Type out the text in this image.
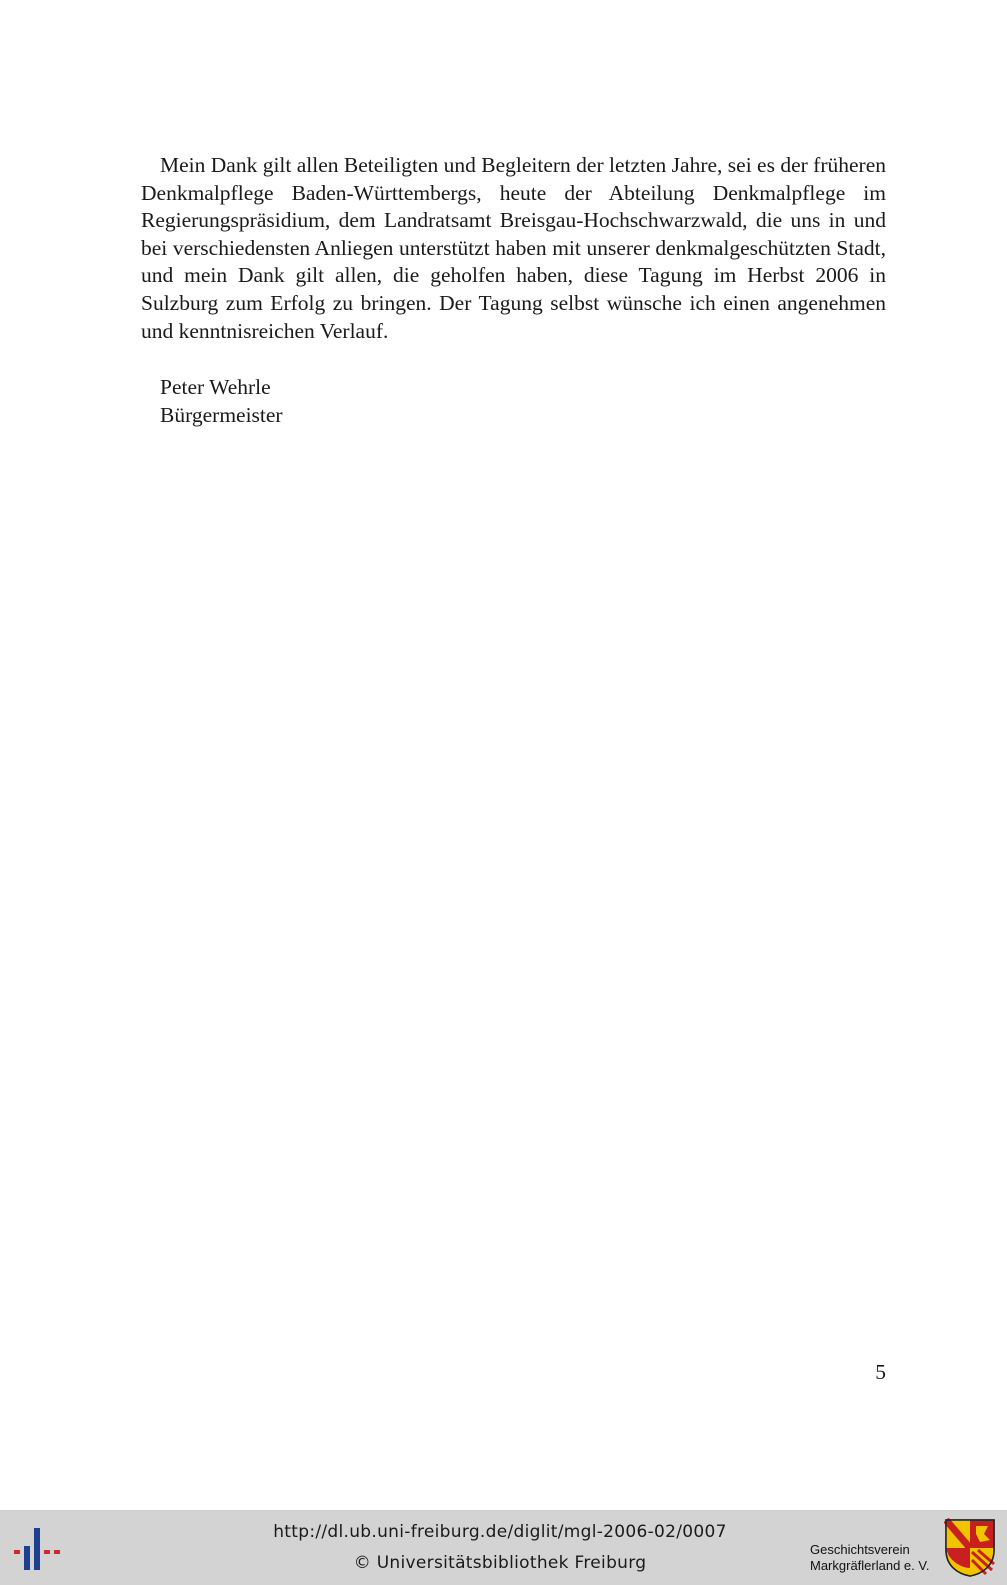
Mein Dank gilt allen Beteiligten und Begleitern der letzten Jahre, sei es der früheren Denkmalpflege Baden-Württembergs, heute der Abteilung Denkmalpflege im Regierungspräsidium, dem Landratsamt Breisgau-Hochschwarzwald, die uns in und bei verschiedensten Anliegen unterstützt haben mit unserer denkmalgeschützten Stadt, und mein Dank gilt allen, die geholfen haben, diese Tagung im Herbst 2006 in Sulzburg zum Erfolg zu bringen. Der Tagung selbst wünsche ich einen angenehmen und kenntnisreichen Verlauf.

Peter Wehrle
Bürgermeister
5
http://dl.ub.uni-freiburg.de/diglit/mgl-2006-02/0007
© Universitätsbibliothek Freiburg
Geschichtsverein
Markgräflerland e. V.
